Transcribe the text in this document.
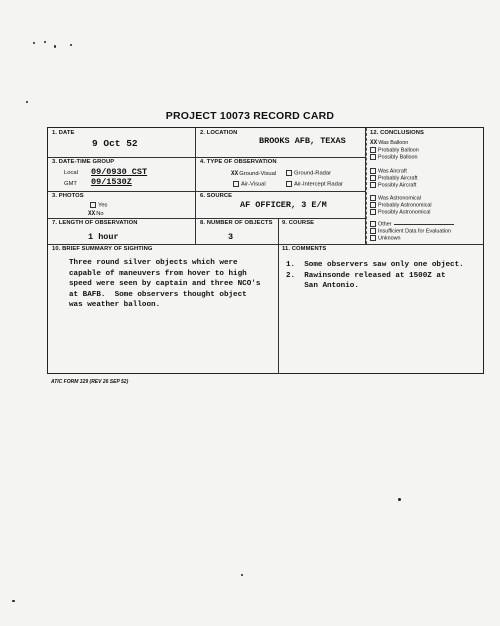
PROJECT 10073 RECORD CARD
1. DATE
9 Oct 52
2. LOCATION
BROOKS AFB, TEXAS
3. DATE-TIME GROUP
Local 09/0930 CST
GMT 09/1530Z
4. TYPE OF OBSERVATION
XXGround-Visual	Ground-Radar
Air-Visual	Air-Intercept Radar
3. PHOTOS
Yes
XXNo
6. SOURCE
AF OFFICER, 3 E/M
7. LENGTH OF OBSERVATION
1 hour
8. NUMBER OF OBJECTS
3
9. COURSE
12. CONCLUSIONS
XXWas Balloon
Probably Balloon
Possibly Balloon
Was Aircraft
Probably Aircraft
Possibly Aircraft
Was Astronomical
Probably Astronomical
Possibly Astronomical
Other
Insufficient Data for Evaluation
Unknown
10. BRIEF SUMMARY OF SIGHTING
Three round silver objects which were
capable of maneuvers from hover to high
speed were seen by captain and three NCO's
at BAFB.  Some observers thought object
was weather balloon.
11. COMMENTS
1.  Some observers saw only one object.
2.  Rawinsonde released at 1500Z at
San Antonio.
ATIC FORM 329 (REV 26 SEP 52)
